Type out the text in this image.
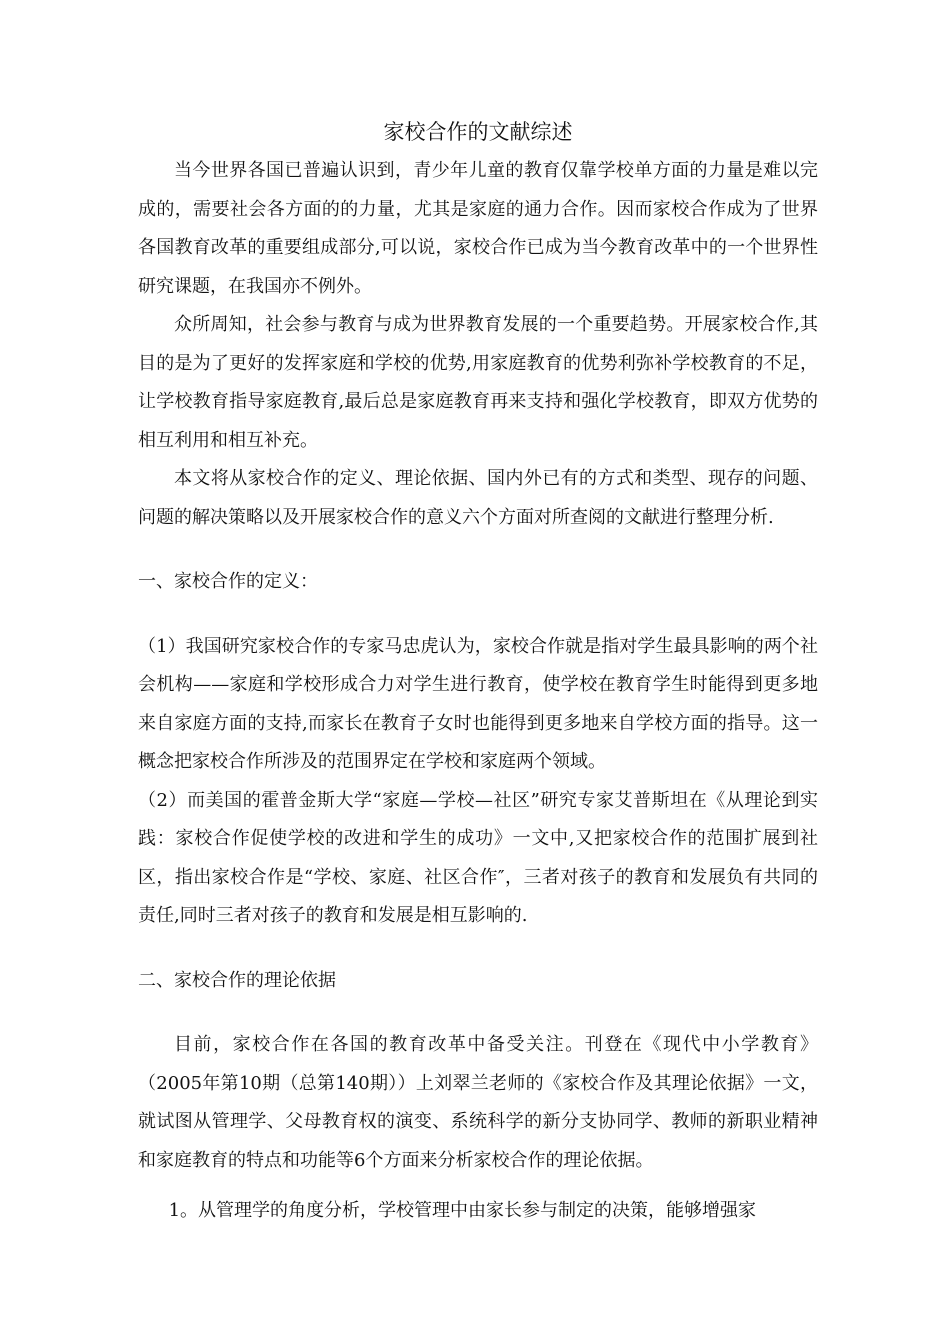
家校合作的文献综述

当今世界各国已普遍认识到，青少年儿童的教育仅靠学校单方面的力量是难以完成的，需要社会各方面的的力量，尤其是家庭的通力合作。因而家校合作成为了世界各国教育改革的重要组成部分,可以说，家校合作已成为当今教育改革中的一个世界性研究课题，在我国亦不例外。

众所周知，社会参与教育与成为世界教育发展的一个重要趋势。开展家校合作,其目的是为了更好的发挥家庭和学校的优势,用家庭教育的优势利弥补学校教育的不足，让学校教育指导家庭教育,最后总是家庭教育再来支持和强化学校教育，即双方优势的相互利用和相互补充。

本文将从家校合作的定义、理论依据、国内外已有的方式和类型、现存的问题、问题的解决策略以及开展家校合作的意义六个方面对所查阅的文献进行整理分析.

一、家校合作的定义：

（1）我国研究家校合作的专家马忠虎认为，家校合作就是指对学生最具影响的两个社会机构——家庭和学校形成合力对学生进行教育，使学校在教育学生时能得到更多地来自家庭方面的支持,而家长在教育子女时也能得到更多地来自学校方面的指导。这一概念把家校合作所涉及的范围界定在学校和家庭两个领域。

（2）而美国的霍普金斯大学“家庭—学校—社区”研究专家艾普斯坦在《从理论到实践：家校合作促使学校的改进和学生的成功》一文中,又把家校合作的范围扩展到社区，指出家校合作是“学校、家庭、社区合作″，三者对孩子的教育和发展负有共同的责任,同时三者对孩子的教育和发展是相互影响的.

二、家校合作的理论依据

目前，家校合作在各国的教育改革中备受关注。刊登在《现代中小学教育》（2005年第10期（总第140期））上刘翠兰老师的《家校合作及其理论依据》一文，就试图从管理学、父母教育权的演变、系统科学的新分支协同学、教师的新职业精神和家庭教育的特点和功能等6个方面来分析家校合作的理论依据。

1。从管理学的角度分析，学校管理中由家长参与制定的决策，能够增强家
